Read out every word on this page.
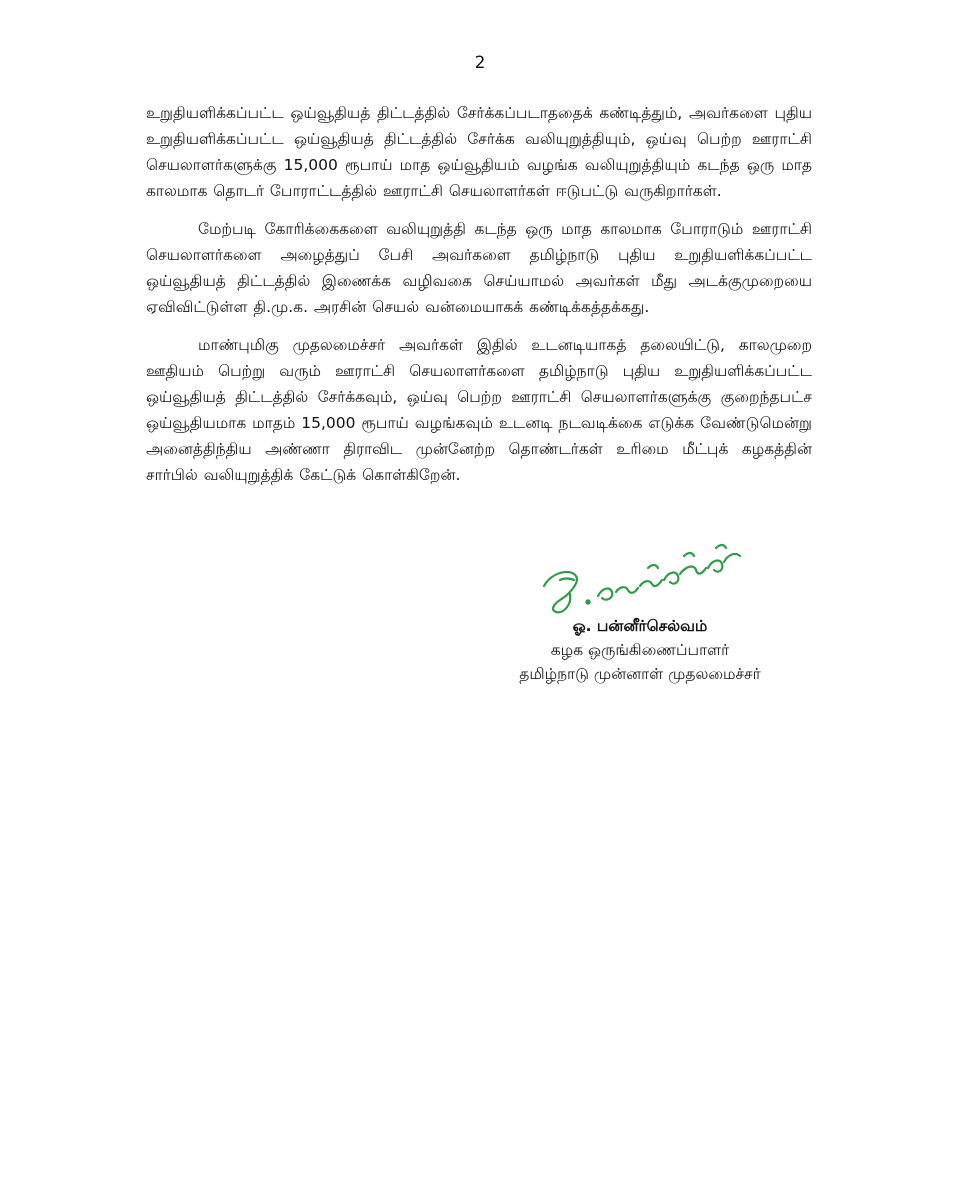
2

உறுதியளிக்கப்பட்ட ஒய்வூதியத் திட்டத்தில் சேர்க்கப்படாததைக் கண்டித்தும், அவர்களை புதிய உறுதியளிக்கப்பட்ட ஒய்வூதியத் திட்டத்தில் சேர்க்க வலியுறுத்தியும், ஒய்வு பெற்ற ஊராட்சி செயலாளர்களுக்கு 15,000 ரூபாய் மாத ஒய்வூதியம் வழங்க வலியுறுத்தியும் கடந்த ஒரு மாத காலமாக தொடர் போராட்டத்தில் ஊராட்சி செயலாளர்கள் ஈடுபட்டு வருகிறார்கள்.

மேற்படி கோரிக்கைகளை வலியுறுத்தி கடந்த ஒரு மாத காலமாக போராடும் ஊராட்சி செயலாளர்களை அழைத்துப் பேசி அவர்களை தமிழ்நாடு புதிய உறுதியளிக்கப்பட்ட ஒய்வூதியத் திட்டத்தில் இணைக்க வழிவகை செய்யாமல் அவர்கள் மீது அடக்குமுறையை ஏவிவிட்டுள்ள தி.மு.க. அரசின் செயல் வன்மையாகக் கண்டிக்கத்தக்கது.

மாண்புமிகு முதலமைச்சர் அவர்கள் இதில் உடனடியாகத் தலையிட்டு, காலமுறை ஊதியம் பெற்று வரும் ஊராட்சி செயலாளர்களை தமிழ்நாடு புதிய உறுதியளிக்கப்பட்ட ஒய்வூதியத் திட்டத்தில் சேர்க்கவும், ஒய்வு பெற்ற ஊராட்சி செயலாளர்களுக்கு குறைந்தபட்ச ஒய்வூதியமாக மாதம் 15,000 ரூபாய் வழங்கவும் உடனடி நடவடிக்கை எடுக்க வேண்டுமென்று அனைத்திந்திய அண்ணா திராவிட முன்னேற்ற தொண்டர்கள் உரிமை மீட்புக் கழகத்தின் சார்பில் வலியுறுத்திக் கேட்டுக் கொள்கிறேன்.

ஓ. பன்னீர்செல்வம்
கழக ஒருங்கிணைப்பாளர்
தமிழ்நாடு முன்னாள் முதலமைச்சர்
